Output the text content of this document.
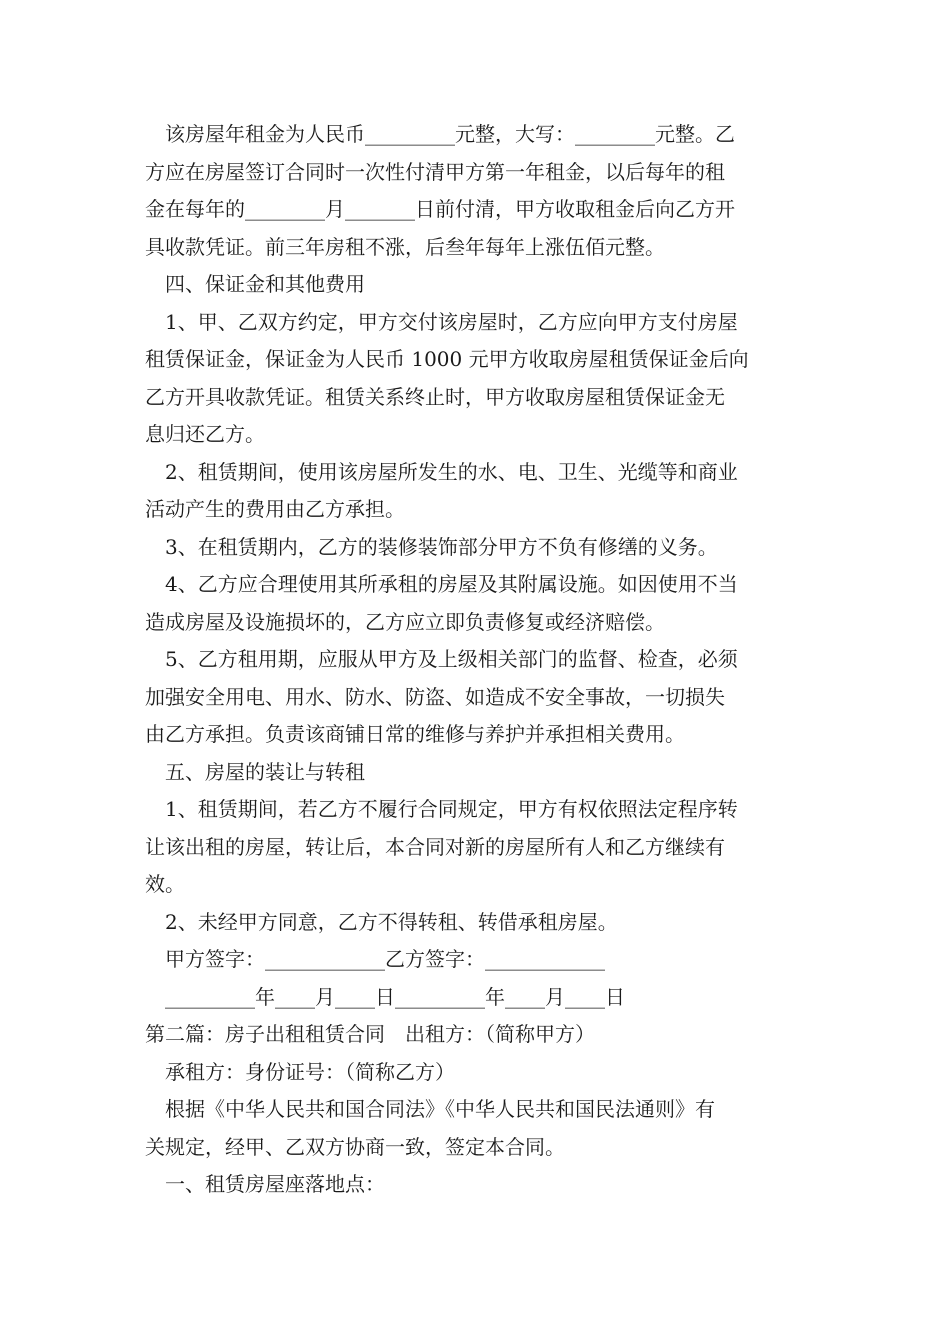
　该房屋年租金为人民币_________元整，大写：________元整。乙
方应在房屋签订合同时一次性付清甲方第一年租金，以后每年的租
金在每年的________月_______日前付清，甲方收取租金后向乙方开
具收款凭证。前三年房租不涨，后叁年每年上涨伍佰元整。
　四、保证金和其他费用
　1、甲、乙双方约定，甲方交付该房屋时，乙方应向甲方支付房屋
租赁保证金，保证金为人民币 1000 元甲方收取房屋租赁保证金后向
乙方开具收款凭证。租赁关系终止时，甲方收取房屋租赁保证金无
息归还乙方。
　2、租赁期间，使用该房屋所发生的水、电、卫生、光缆等和商业
活动产生的费用由乙方承担。
　3、在租赁期内，乙方的装修装饰部分甲方不负有修缮的义务。
　4、乙方应合理使用其所承租的房屋及其附属设施。如因使用不当
造成房屋及设施损坏的，乙方应立即负责修复或经济赔偿。
　5、乙方租用期，应服从甲方及上级相关部门的监督、检查，必须
加强安全用电、用水、防水、防盗、如造成不安全事故，一切损失
由乙方承担。负责该商铺日常的维修与养护并承担相关费用。
　五、房屋的装让与转租
　1、租赁期间，若乙方不履行合同规定，甲方有权依照法定程序转
让该出租的房屋，转让后，本合同对新的房屋所有人和乙方继续有
效。
　2、未经甲方同意，乙方不得转租、转借承租房屋。
　甲方签字：____________乙方签字：____________
　_________年____月____日_________年____月____日
第二篇：房子出租租赁合同　出租方：（简称甲方）
　承租方：身份证号：（简称乙方）
　根据《中华人民共和国合同法》《中华人民共和国民法通则》有
关规定，经甲、乙双方协商一致，签定本合同。
　一、租赁房屋座落地点：
